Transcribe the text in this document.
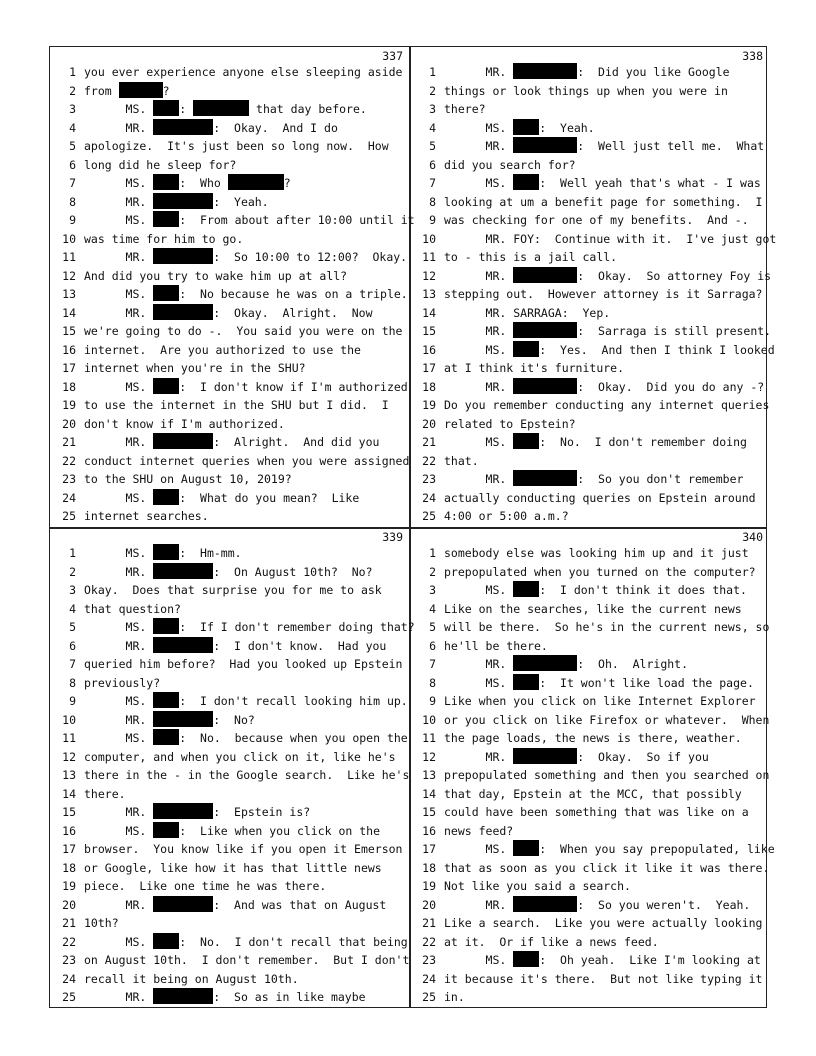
337
1 you ever experience anyone else sleeping aside
2 from	?
3      MS. :	that day before.
4      MR.	:  Okay.  And I do
5 apologize.  It's just been so long now.  How
6 long did he sleep for?
7      MS. :  Who	?
8      MR.	:  Yeah.
9      MS. :  From about after 10:00 until it
10 was time for him to go.
11      MR.	:  So 10:00 to 12:00?  Okay.
12 And did you try to wake him up at all?
13      MS. :  No because he was on a triple.
14      MR.	:  Okay.  Alright.  Now
15 we're going to do -.  You said you were on the
16 internet.  Are you authorized to use the
17 internet when you're in the SHU?
18      MS. :  I don't know if I'm authorized
19 to use the internet in the SHU but I did.  I
20 don't know if I'm authorized.
21      MR.	:  Alright.  And did you
22 conduct internet queries when you were assigned
23 to the SHU on August 10, 2019?
24      MS. :  What do you mean?  Like
25 internet searches.
338
1      MR.	:  Did you like Google
2 things or look things up when you were in
3 there?
4      MS. :  Yeah.
5      MR.	:  Well just tell me.  What
6 did you search for?
7      MS. :  Well yeah that's what - I was
8 looking at um a benefit page for something.  I
9 was checking for one of my benefits.  And -.
10      MR. FOY:  Continue with it.  I've just got
11 to - this is a jail call.
12      MR.	:  Okay.  So attorney Foy is
13 stepping out.  However attorney is it Sarraga?
14      MR. SARRAGA:  Yep.
15      MR.	:  Sarraga is still present.
16      MS. :  Yes.  And then I think I looked
17 at I think it's furniture.
18      MR.	:  Okay.  Did you do any -?
19 Do you remember conducting any internet queries
20 related to Epstein?
21      MS. :  No.  I don't remember doing
22 that.
23      MR.	:  So you don't remember
24 actually conducting queries on Epstein around
25 4:00 or 5:00 a.m.?
339
1      MS. :  Hm-mm.
2      MR.	:  On August 10th?  No?
3 Okay.  Does that surprise you for me to ask
4 that question?
5      MS. :  If I don't remember doing that?
6      MR.	:  I don't know.  Had you
7 queried him before?  Had you looked up Epstein
8 previously?
9      MS. :  I don't recall looking him up.
10      MR.	:  No?
11      MS. :  No.  because when you open the
12 computer, and when you click on it, like he's
13 there in the - in the Google search.  Like he's
14 there.
15      MR.	:  Epstein is?
16      MS. :  Like when you click on the
17 browser.  You know like if you open it Emerson
18 or Google, like how it has that little news
19 piece.  Like one time he was there.
20      MR.	:  And was that on August
21 10th?
22      MS. :  No.  I don't recall that being
23 on August 10th.  I don't remember.  But I don't
24 recall it being on August 10th.
25      MR.	:  So as in like maybe
340
1 somebody else was looking him up and it just
2 prepopulated when you turned on the computer?
3      MS. :  I don't think it does that.
4 Like on the searches, like the current news
5 will be there.  So he's in the current news, so
6 he'll be there.
7      MR.	:  Oh.  Alright.
8      MS. :  It won't like load the page.
9 Like when you click on like Internet Explorer
10 or you click on like Firefox or whatever.  When
11 the page loads, the news is there, weather.
12      MR.	:  Okay.  So if you
13 prepopulated something and then you searched on
14 that day, Epstein at the MCC, that possibly
15 could have been something that was like on a
16 news feed?
17      MS. :  When you say prepopulated, like
18 that as soon as you click it like it was there.
19 Not like you said a search.
20      MR.	:  So you weren't.  Yeah.
21 Like a search.  Like you were actually looking
22 at it.  Or if like a news feed.
23      MS. :  Oh yeah.  Like I'm looking at
24 it because it's there.  But not like typing it
25 in.
